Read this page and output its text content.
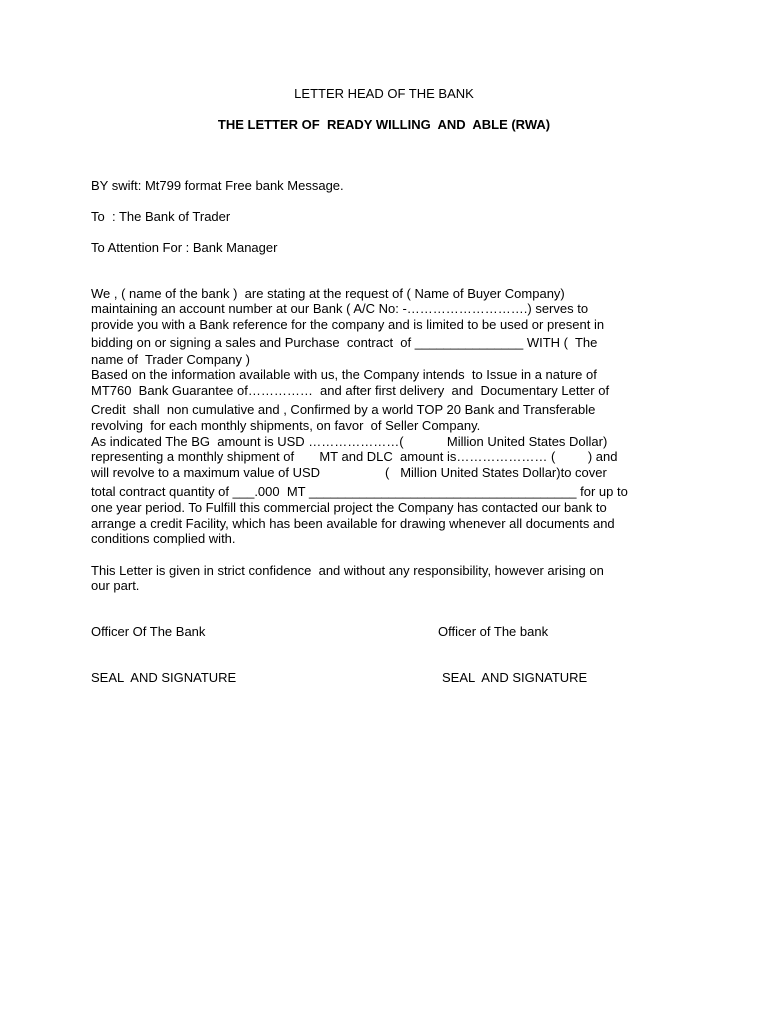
LETTER HEAD OF THE BANK
THE LETTER OF  READY WILLING  AND  ABLE (RWA)
BY swift: Mt799 format Free bank Message.
To  : The Bank of Trader
To Attention For : Bank Manager
We , ( name of the bank )  are stating at the request of ( Name of Buyer Company)
maintaining an account number at our Bank ( A/C No: -……………………….) serves to
provide you with a Bank reference for the company and is limited to be used or present in
bidding on or signing a sales and Purchase  contract  of _______________ WITH (  The
name of  Trader Company )
Based on the information available with us, the Company intends  to Issue in a nature of
MT760  Bank Guarantee of……………  and after first delivery  and  Documentary Letter of
Credit  shall  non cumulative and , Confirmed by a world TOP 20 Bank and Transferable
revolving  for each monthly shipments, on favor  of Seller Company.
As indicated The BG  amount is USD …………………(            Million United States Dollar)
representing a monthly shipment of       MT and DLC  amount is………………… (         ) and
will revolve to a maximum value of USD                  (   Million United States Dollar)to cover
total contract quantity of ___.000  MT _____________________________________ for up to
one year period. To Fulfill this commercial project the Company has contacted our bank to
arrange a credit Facility, which has been available for drawing whenever all documents and
conditions complied with.
This Letter is given in strict confidence  and without any responsibility, however arising on
our part.
Officer Of The Bank	Officer of The bank
SEAL  AND SIGNATURE	SEAL  AND SIGNATURE
